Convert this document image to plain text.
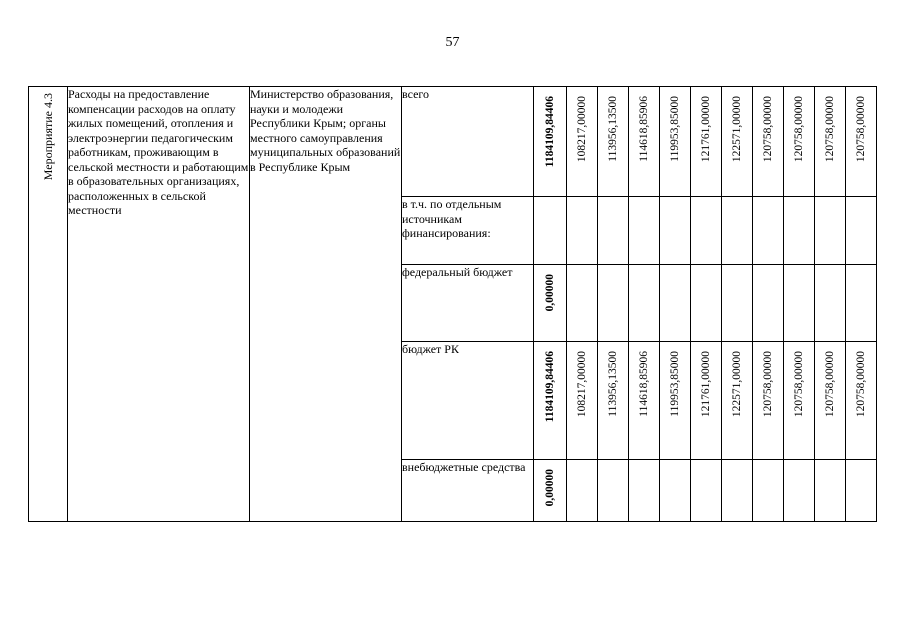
57
Мероприятие 4.3	Расходы на предоставление компенсации расходов на оплату жилых помещений, отопления и электроэнергии педагогическим работникам, проживающим в сельской местности и работающим в образовательных организациях, расположенных в сельской местности	Министерство образования, науки и молодежи Республики Крым; органы местного самоуправления муниципальных образований в Республике Крым	всего	1184109,84406	108217,00000	113956,13500	114618,85906	119953,85000	121761,00000	122571,00000	120758,00000	120758,00000	120758,00000	120758,00000

			в т.ч. по отдельным источникам финансирования:											

			федеральный бюджет	0,00000										

			бюджет РК	1184109,84406	108217,00000	113956,13500	114618,85906	119953,85000	121761,00000	122571,00000	120758,00000	120758,00000	120758,00000	120758,00000

			внебюджетные средства	0,00000										
